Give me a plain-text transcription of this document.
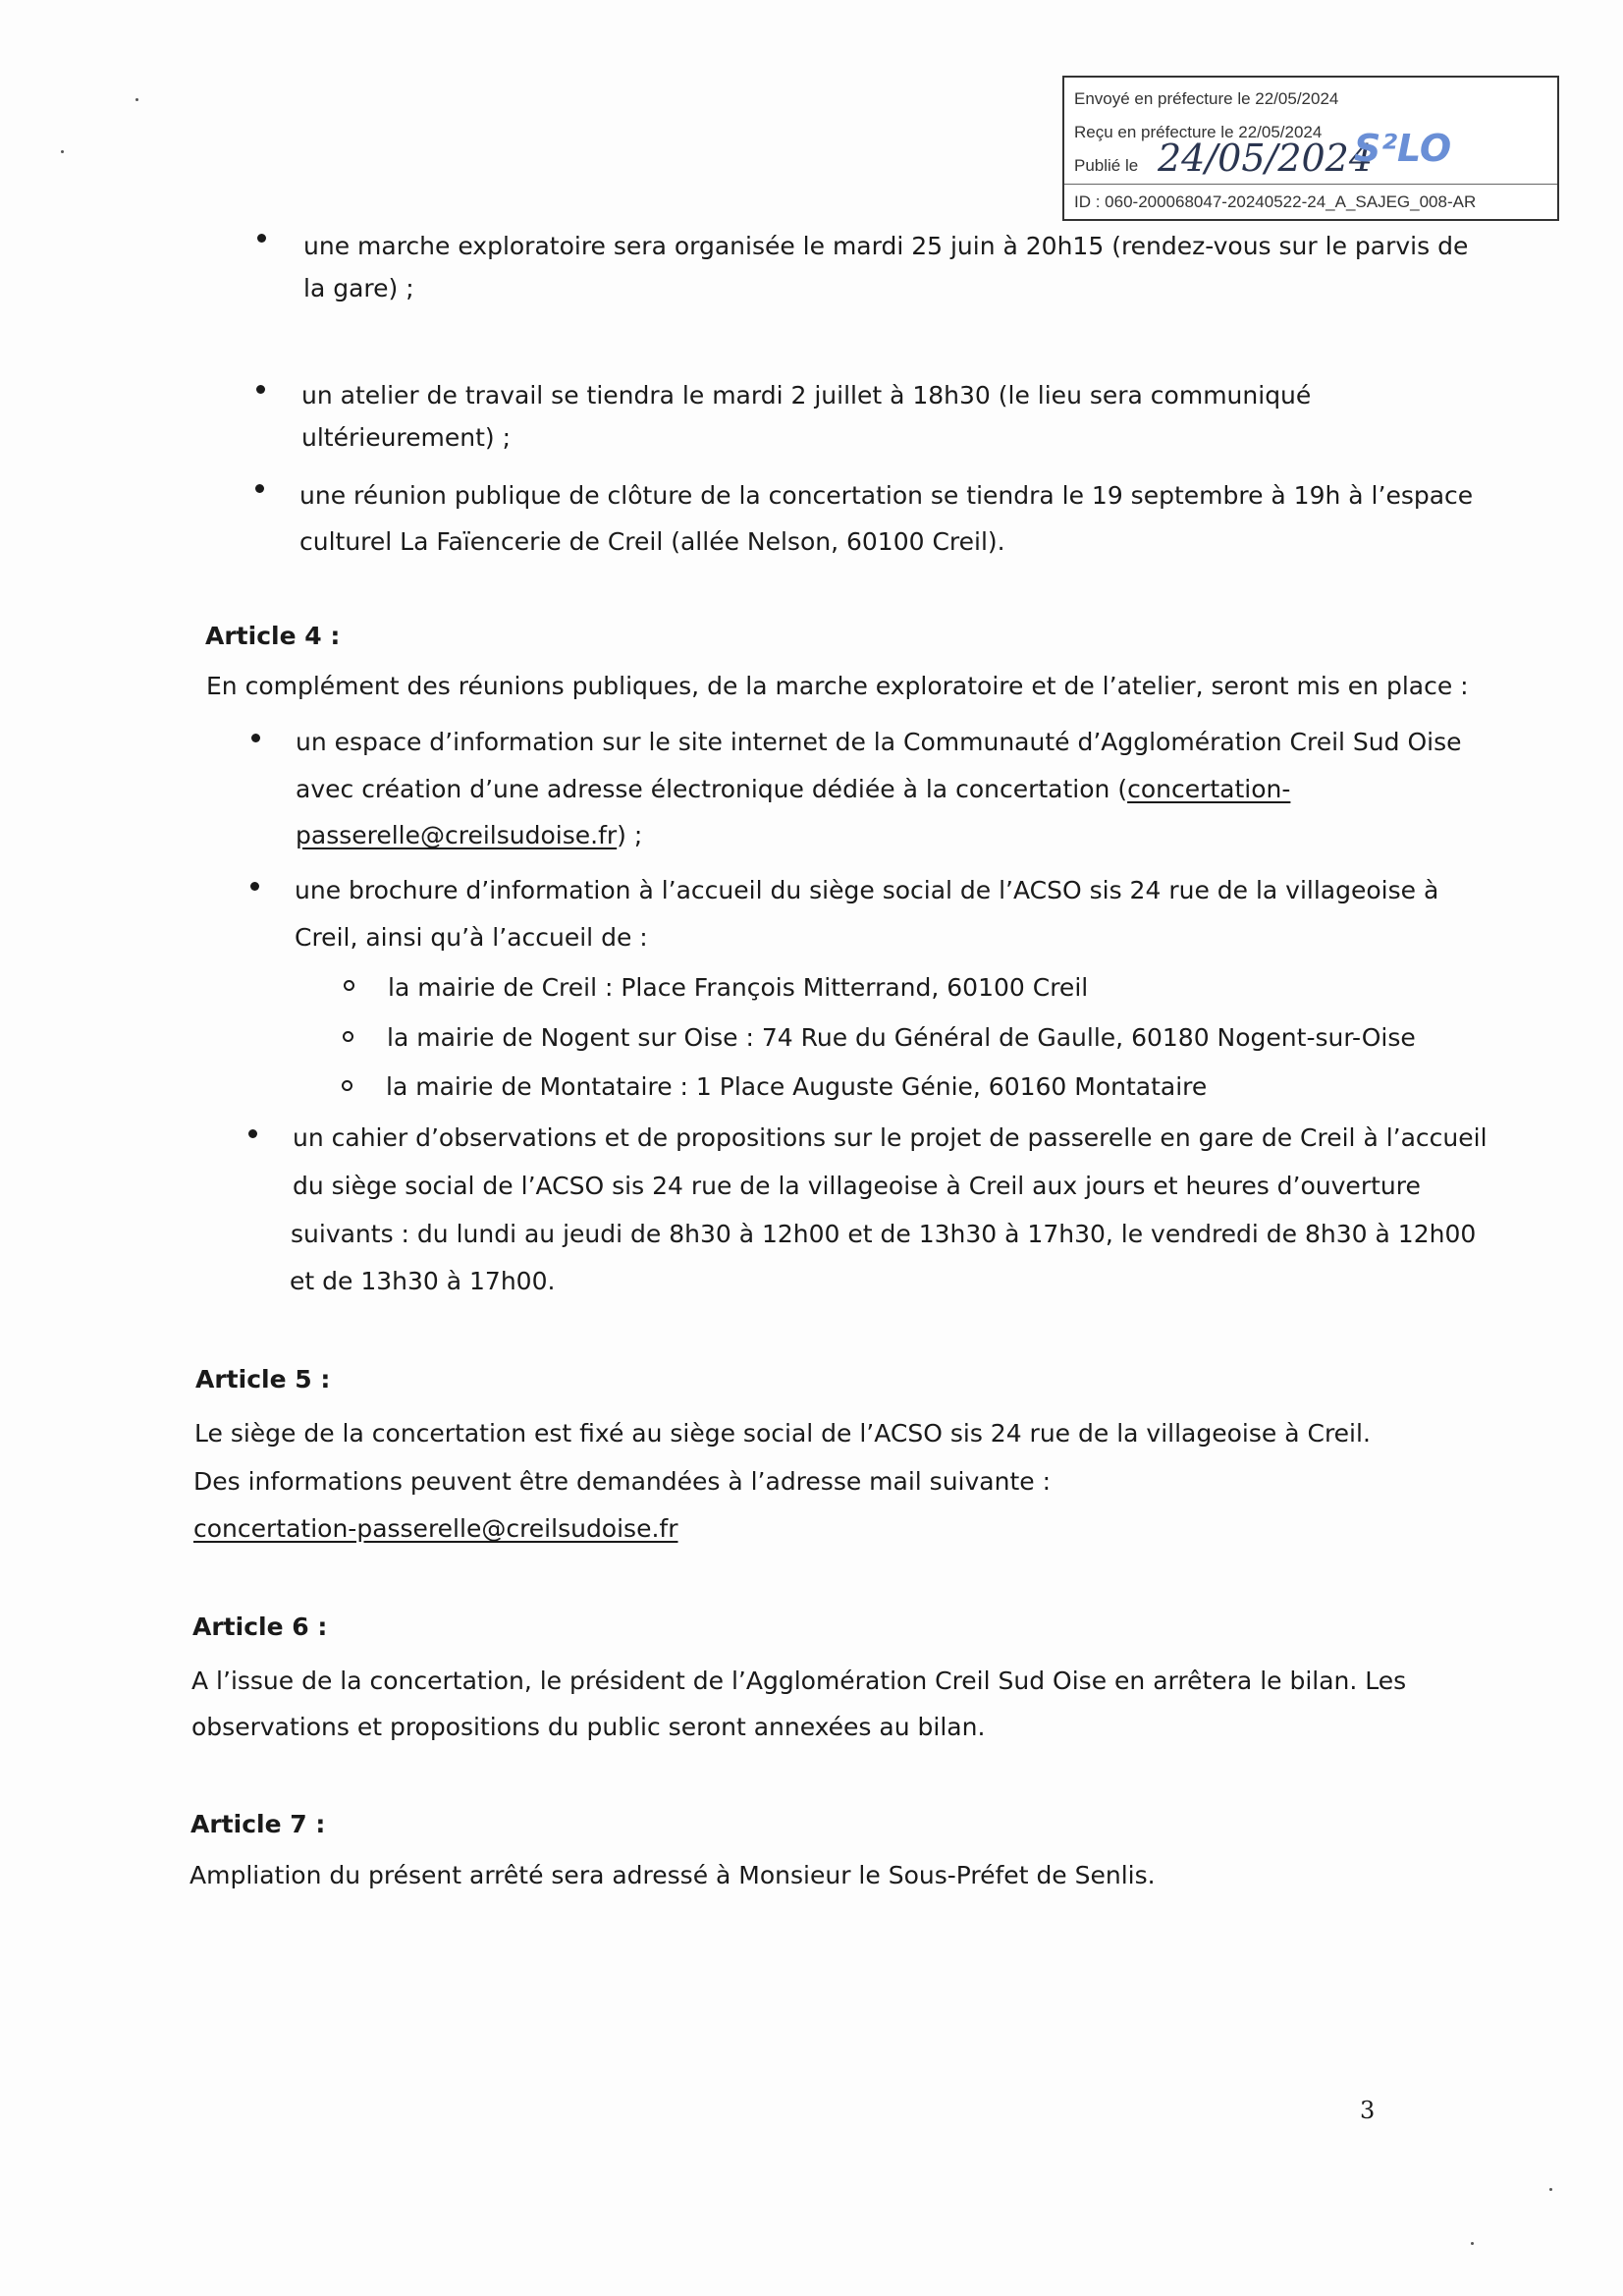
Envoyé en préfecture le 22/05/2024
Reçu en préfecture le 22/05/2024
Publié le 24/05/2024
S²LO
ID : 060-200068047-20240522-24_A_SAJEG_008-AR
une marche exploratoire sera organisée le mardi 25 juin à 20h15 (rendez-vous sur le parvis de
la gare) ;
un atelier de travail se tiendra le mardi 2 juillet à 18h30 (le lieu sera communiqué
ultérieurement) ;
une réunion publique de clôture de la concertation se tiendra le 19 septembre à 19h à l’espace
culturel La Faïencerie de Creil (allée Nelson, 60100 Creil).
Article 4 :
En complément des réunions publiques, de la marche exploratoire et de l’atelier, seront mis en place :
un espace d’information sur le site internet de la Communauté d’Agglomération Creil Sud Oise
avec création d’une adresse électronique dédiée à la concertation (concertation-
passerelle@creilsudoise.fr) ;
une brochure d’information à l’accueil du siège social de l’ACSO sis 24 rue de la villageoise à
Creil, ainsi qu’à l’accueil de :
la mairie de Creil : Place François Mitterrand, 60100 Creil
la mairie de Nogent sur Oise : 74 Rue du Général de Gaulle, 60180 Nogent-sur-Oise
la mairie de Montataire : 1 Place Auguste Génie, 60160 Montataire
un cahier d’observations et de propositions sur le projet de passerelle en gare de Creil à l’accueil
du siège social de l’ACSO sis 24 rue de la villageoise à Creil aux jours et heures d’ouverture
suivants : du lundi au jeudi de 8h30 à 12h00 et de 13h30 à 17h30, le vendredi de 8h30 à 12h00
et de 13h30 à 17h00.
Article 5 :
Le siège de la concertation est fixé au siège social de l’ACSO sis 24 rue de la villageoise à Creil.
Des informations peuvent être demandées à l’adresse mail suivante :
concertation-passerelle@creilsudoise.fr
Article 6 :
A l’issue de la concertation, le président de l’Agglomération Creil Sud Oise en arrêtera le bilan. Les
observations et propositions du public seront annexées au bilan.
Article 7 :
Ampliation du présent arrêté sera adressé à Monsieur le Sous-Préfet de Senlis.
3
